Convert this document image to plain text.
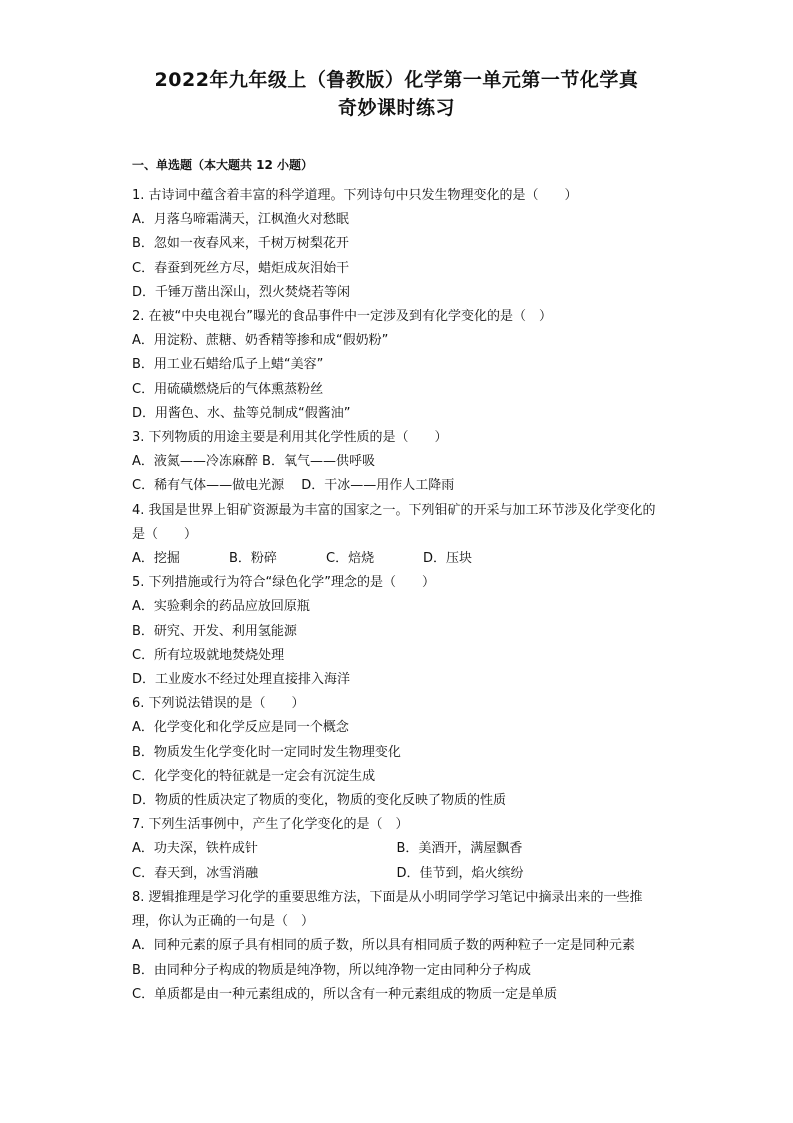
2022年九年级上（鲁教版）化学第一单元第一节化学真
奇妙课时练习
一、单选题（本大题共 12 小题）
1. 古诗词中蕴含着丰富的科学道理。下列诗句中只发生物理变化的是（　　）
A．月落乌啼霜满天，江枫渔火对愁眠
B．忽如一夜春风来，千树万树梨花开
C．春蚕到死丝方尽，蜡炬成灰泪始干
D．千锤万凿出深山，烈火焚烧若等闲
2. 在被“中央电视台”曝光的食品事件中一定涉及到有化学变化的是（　）
A．用淀粉、蔗糖、奶香精等掺和成“假奶粉”
B．用工业石蜡给瓜子上蜡“美容”
C．用硫磺燃烧后的气体熏蒸粉丝
D．用酱色、水、盐等兑制成“假酱油”
3. 下列物质的用途主要是利用其化学性质的是（　　）
A．液氮——冷冻麻醉 B．氧气——供呼吸
C．稀有气体——做电光源　 D．干冰——用作人工降雨
4. 我国是世界上钼矿资源最为丰富的国家之一。下列钼矿的开采与加工环节涉及化学变化的是（　　）
A．挖掘	B．粉碎	C．焙烧	D．压块
5. 下列措施或行为符合“绿色化学”理念的是（　　）
A．实验剩余的药品应放回原瓶
B．研究、开发、利用氢能源
C．所有垃圾就地焚烧处理
D．工业废水不经过处理直接排入海洋
6. 下列说法错误的是（　　）
A．化学变化和化学反应是同一个概念
B．物质发生化学变化时一定同时发生物理变化
C．化学变化的特征就是一定会有沉淀生成
D．物质的性质决定了物质的变化，物质的变化反映了物质的性质
7. 下列生活事例中，产生了化学变化的是（　）
A．功夫深，铁杵成针	B．美酒开，满屋飘香
C．春天到，冰雪消融	D．佳节到，焰火缤纷
8. 逻辑推理是学习化学的重要思维方法，下面是从小明同学学习笔记中摘录出来的一些推理，你认为正确的一句是（　）
A．同种元素的原子具有相同的质子数，所以具有相同质子数的两种粒子一定是同种元素
B．由同种分子构成的物质是纯净物，所以纯净物一定由同种分子构成
C．单质都是由一种元素组成的，所以含有一种元素组成的物质一定是单质
